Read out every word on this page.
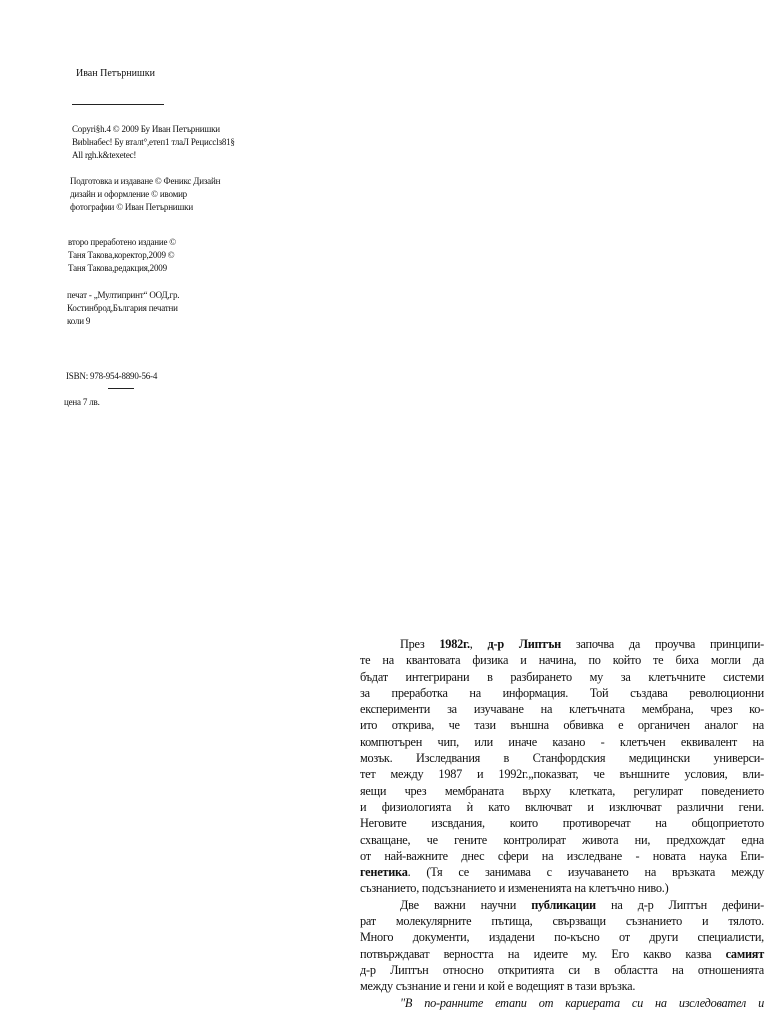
Иван Петърнишки
Copyri§h.4 © 2009 Бу Иван Петърнишки
Bиblнабес! Бу вталt°,етеп1 тлаЛ Рециссlз81§
All rgh.k&texetec!
Подготовка и издаване © Феникс Дизайн
дизайн и оформление © ивомир
фотографии © Иван Петърнишки
второ преработено издание ©
Таня Такова,коректор,2009 ©
Таня Такова,редакция,2009
печат - „Мултипринт“ ООД,гр.
Костинброд,България печатни
коли 9
ISBN: 978-954-8890-56-4
цена 7 лв.

През 1982г., д-р Липтън започва да проучва принципи-
те на квантовата физика и начина, по който те биха могли да
бъдат интегрирани в разбирането му за клетъчните системи
за преработка на информация. Той създава революционни
експерименти за изучаване на клетъчната мембрана, чрез ко-
ито открива, че тази външна обвивка е органичен аналог на
компютърен чип, или иначе казано - клетъчен еквивалент на
мозък. Изследвания в Станфордския медицински универси-
тет между 1987 и 1992г.„показват, че външните условия, вли-
яещи чрез мембраната върху клетката, регулират поведението
и физиологията ѝ като включват и изключват различни гени.
Неговите изсвдания, които противоречат на общоприетото
схващане, че гените контролират живота ни, предхождат една
от най-важните днес сфери на изследване - новата наука Епи-
генетика. (Тя се занимава с изучаването на връзката между
съзнанието, подсъзнанието и измененията на клетъчно ниво.)

Две важни научни публикации на д-р Липтън дефини-
рат молекулярните пътища, свързващи съзнанието и тялото.
Много документи, издадени по-късно от други специалисти,
потвърждават верността на идеите му. Его какво казва самият
д-р Липтън относно откритията си в областта на отношенията
между съзнание и гени и кой е водещият в тази връзка.

"В по-ранните етапи от кариерата си на изследовател и
